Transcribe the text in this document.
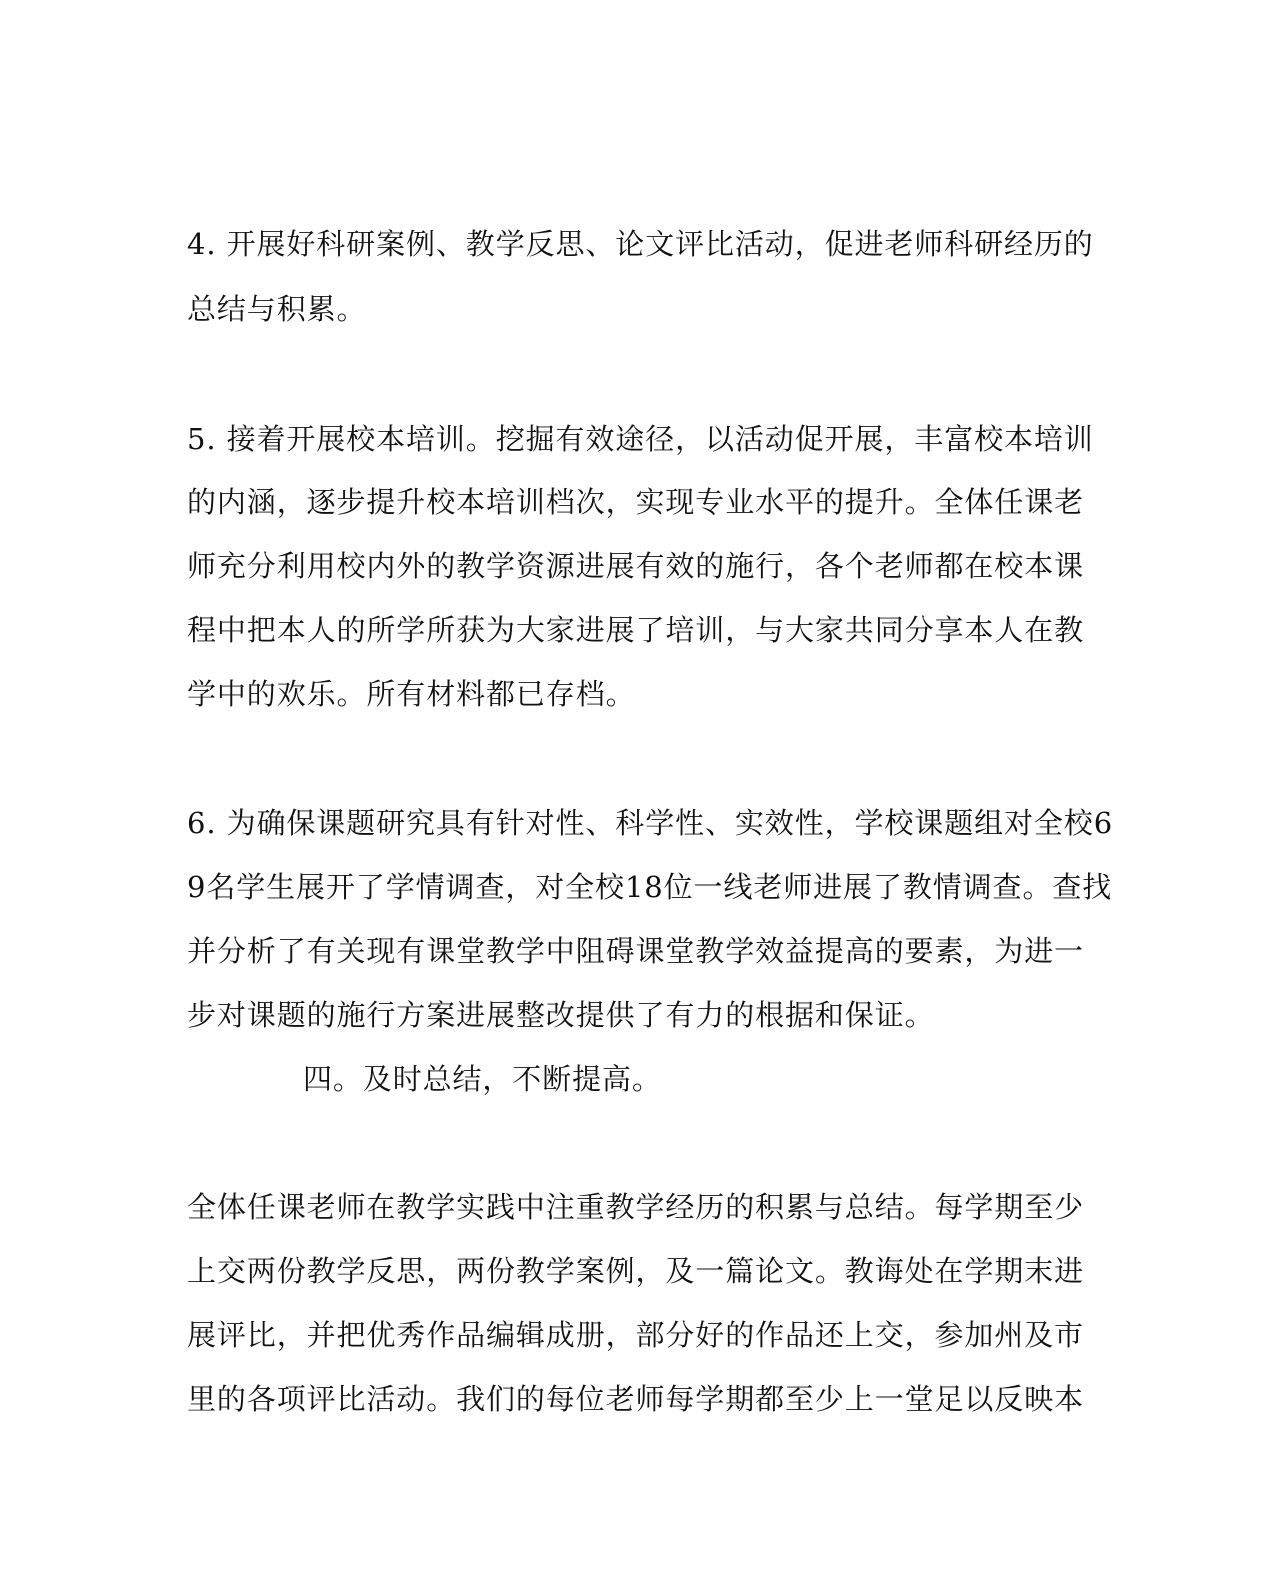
4. 开展好科研案例、教学反思、论文评比活动，促进老师科研经历的

总结与积累。

5. 接着开展校本培训。挖掘有效途径，以活动促开展，丰富校本培训

的内涵，逐步提升校本培训档次，实现专业水平的提升。全体任课老

师充分利用校内外的教学资源进展有效的施行，各个老师都在校本课

程中把本人的所学所获为大家进展了培训，与大家共同分享本人在教

学中的欢乐。所有材料都已存档。

6. 为确保课题研究具有针对性、科学性、实效性，学校课题组对全校6

9名学生展开了学情调查，对全校18位一线老师进展了教情调查。查找

并分析了有关现有课堂教学中阻碍课堂教学效益提高的要素，为进一

步对课题的施行方案进展整改提供了有力的根据和保证。

四。及时总结，不断提高。

全体任课老师在教学实践中注重教学经历的积累与总结。每学期至少

上交两份教学反思，两份教学案例，及一篇论文。教诲处在学期末进

展评比，并把优秀作品编辑成册，部分好的作品还上交，参加州及市

里的各项评比活动。我们的每位老师每学期都至少上一堂足以反映本
